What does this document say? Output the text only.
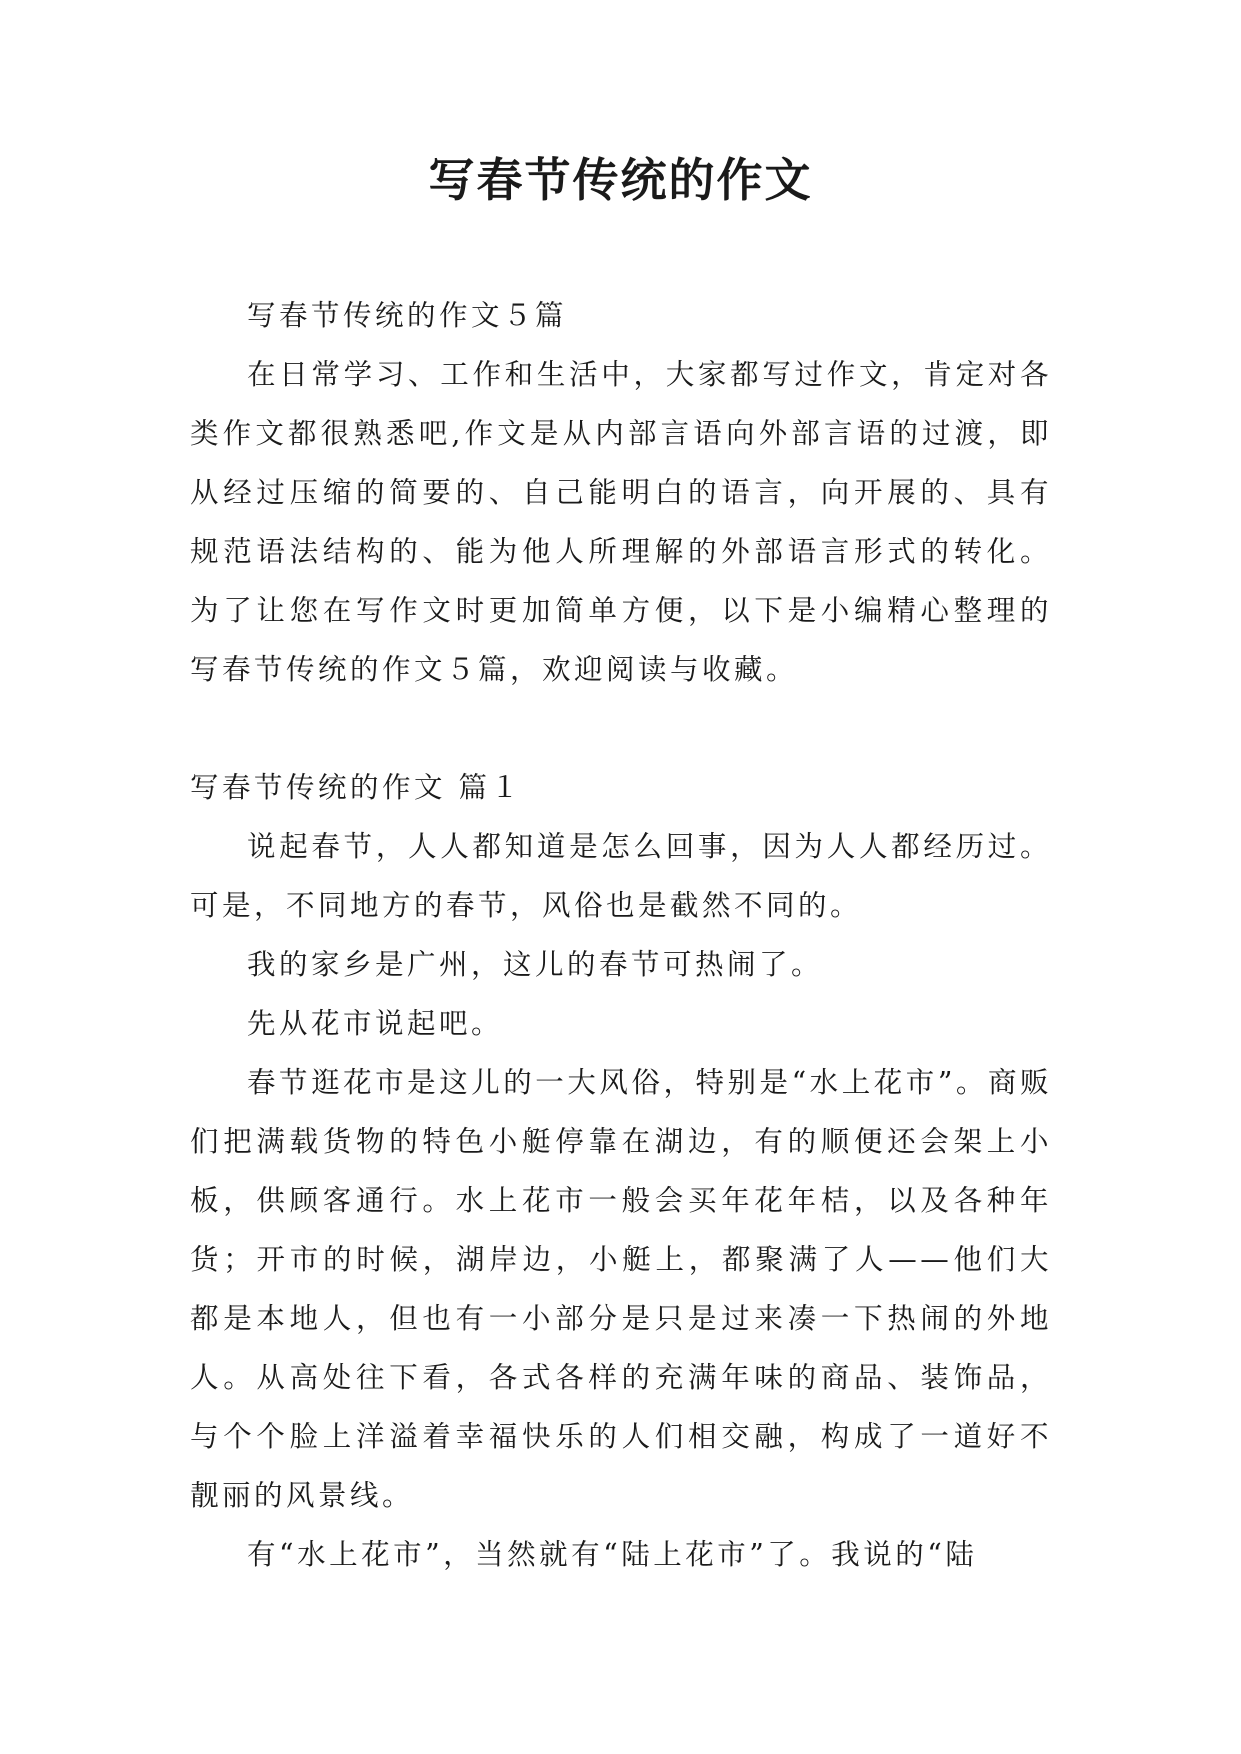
写春节传统的作文

写春节传统的作文５篇

在日常学习、工作和生活中，大家都写过作文，肯定对各类作文都很熟悉吧,作文是从内部言语向外部言语的过渡，即从经过压缩的简要的、自己能明白的语言，向开展的、具有规范语法结构的、能为他人所理解的外部语言形式的转化。为了让您在写作文时更加简单方便，以下是小编精心整理的写春节传统的作文５篇，欢迎阅读与收藏。

写春节传统的作文 篇１

说起春节，人人都知道是怎么回事，因为人人都经历过。可是，不同地方的春节，风俗也是截然不同的。

我的家乡是广州，这儿的春节可热闹了。

先从花市说起吧。

春节逛花市是这儿的一大风俗，特别是“水上花市”。商贩们把满载货物的特色小艇停靠在湖边，有的顺便还会架上小板，供顾客通行。水上花市一般会买年花年桔，以及各种年货；开市的时候，湖岸边，小艇上，都聚满了人——他们大都是本地人，但也有一小部分是只是过来凑一下热闹的外地人。从高处往下看，各式各样的充满年味的商品、装饰品，与个个脸上洋溢着幸福快乐的人们相交融，构成了一道好不靓丽的风景线。

有“水上花市”，当然就有“陆上花市”了。我说的“陆
